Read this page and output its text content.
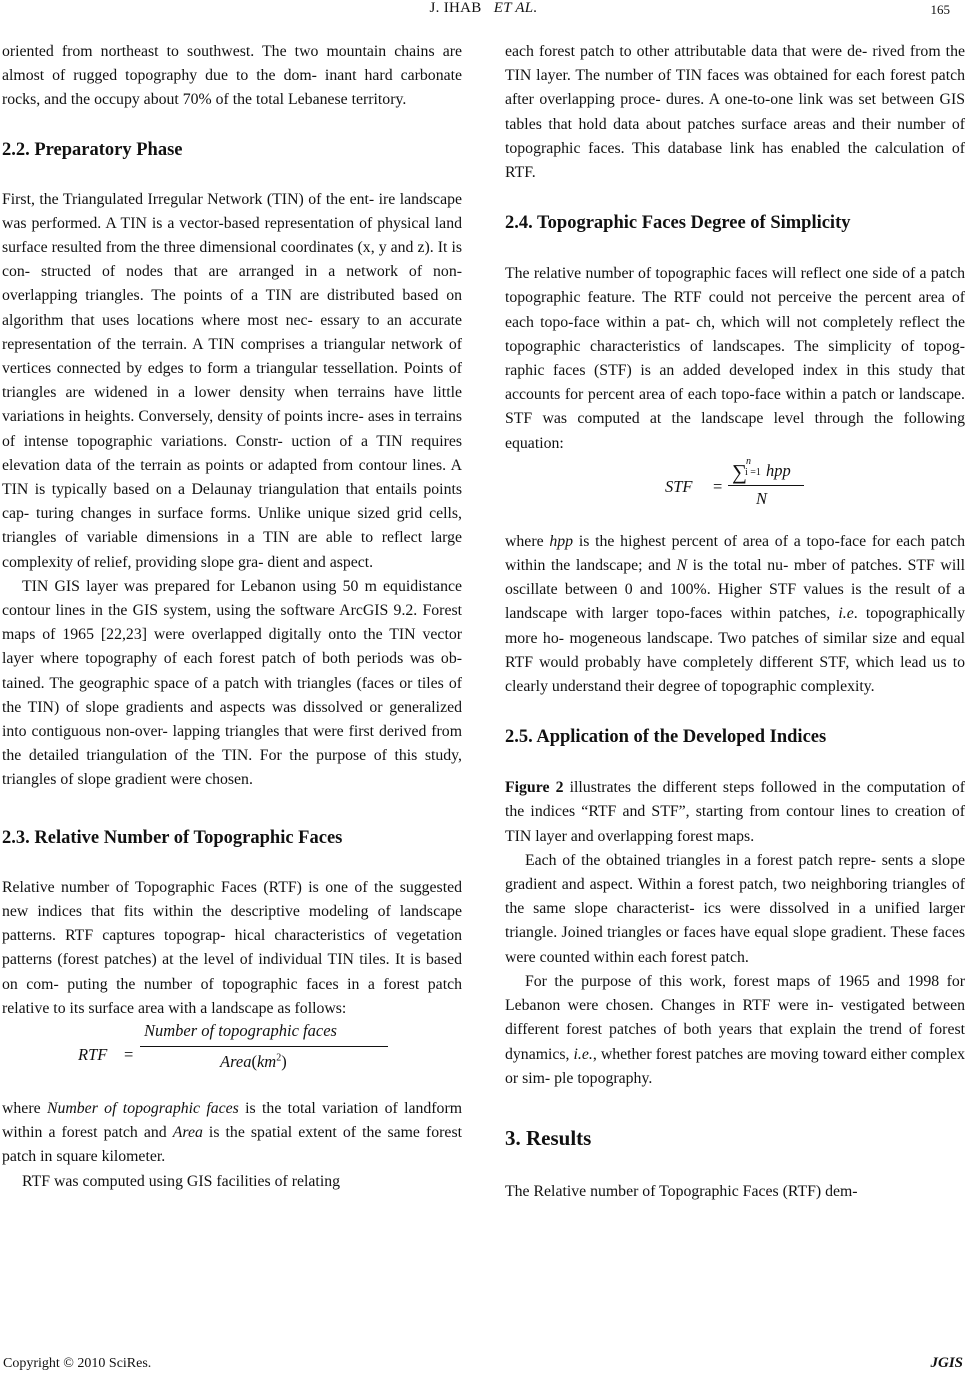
J. IHAB ET AL.	165

oriented from northeast to southwest. The two mountain chains are almost of rugged topography due to the dom- inant hard carbonate rocks, and the occupy about 70% of the total Lebanese territory.

2.2. Preparatory Phase

First, the Triangulated Irregular Network (TIN) of the ent- ire landscape was performed. A TIN is a vector-based representation of physical land surface resulted from the three dimensional coordinates (x, y and z). It is con- structed of nodes that are arranged in a network of non- overlapping triangles. The points of a TIN are distributed based on algorithm that uses locations where most nec- essary to an accurate representation of the terrain. A TIN comprises a triangular network of vertices connected by edges to form a triangular tessellation. Points of triangles are widened in a lower density when terrains have little variations in heights. Conversely, density of points incre- ases in terrains of intense topographic variations. Constr- uction of a TIN requires elevation data of the terrain as points or adapted from contour lines. A TIN is typically based on a Delaunay triangulation that entails points cap- turing changes in surface forms. Unlike unique sized grid cells, triangles of variable dimensions in a TIN are able to reflect large complexity of relief, providing slope gra- dient and aspect.

TIN GIS layer was prepared for Lebanon using 50 m equidistance contour lines in the GIS system, using the software ArcGIS 9.2. Forest maps of 1965 [22,23] were overlapped digitally onto the TIN vector layer where topography of each forest patch of both periods was ob- tained. The geographic space of a patch with triangles (faces or tiles of the TIN) of slope gradients and aspects was dissolved or generalized into contiguous non-over- lapping triangles that were first derived from the detailed triangulation of the TIN. For the purpose of this study, triangles of slope gradient were chosen.

2.3. Relative Number of Topographic Faces

Relative number of Topographic Faces (RTF) is one of the suggested new indices that fits within the descriptive modeling of landscape patterns. RTF captures topograp- hical characteristics of vegetation patterns (forest patches) at the level of individual TIN tiles. It is based on com- puting the number of topographic faces in a forest patch relative to its surface area with a landscape as follows:

RTF =
Number of topographic faces
$Area(km^2)$

where Number of topographic faces is the total variation of landform within a forest patch and Area is the spatial extent of the same forest patch in square kilometer.

RTF was computed using GIS facilities of relating

each forest patch to other attributable data that were de- rived from the TIN layer. The number of TIN faces was obtained for each forest patch after overlapping proce- dures. A one-to-one link was set between GIS tables that hold data about patches surface areas and their number of topographic faces. This database link has enabled the calculation of RTF.

2.4. Topographic Faces Degree of Simplicity

The relative number of topographic faces will reflect one side of a patch topographic feature. The RTF could not perceive the percent area of each topo-face within a pat- ch, which will not completely reflect the topographic characteristics of landscapes. The simplicity of topog- raphic faces (STF) is an added developed index in this study that accounts for percent area of each topo-face within a patch or landscape. STF was computed at the landscape level through the following equation:

STF =
∑ n
i =1 hpp
N

where hpp is the highest percent of area of a topo-face for each patch within the landscape; and N is the total nu- mber of patches. STF will oscillate between 0 and 100%. Higher STF values is the result of a landscape with larger topo-faces within patches, i.e. topographically more ho- mogeneous landscape. Two patches of similar size and equal RTF would probably have completely different STF, which lead us to clearly understand their degree of topographic complexity.

2.5. Application of the Developed Indices

Figure 2 illustrates the different steps followed in the computation of the indices “RTF and STF”, starting from contour lines to creation of TIN layer and overlapping forest maps.

Each of the obtained triangles in a forest patch repre- sents a slope gradient and aspect. Within a forest patch, two neighboring triangles of the same slope characterist- ics were dissolved in a unified larger triangle. Joined triangles or faces have equal slope gradient. These faces were counted within each forest patch.

For the purpose of this work, forest maps of 1965 and 1998 for Lebanon were chosen. Changes in RTF were in- vestigated between different forest patches of both years that explain the trend of forest dynamics, i.e., whether forest patches are moving toward either complex or sim- ple topography.

3. Results

The Relative number of Topographic Faces (RTF) dem-

Copyright © 2010 SciRes.	JGIS
